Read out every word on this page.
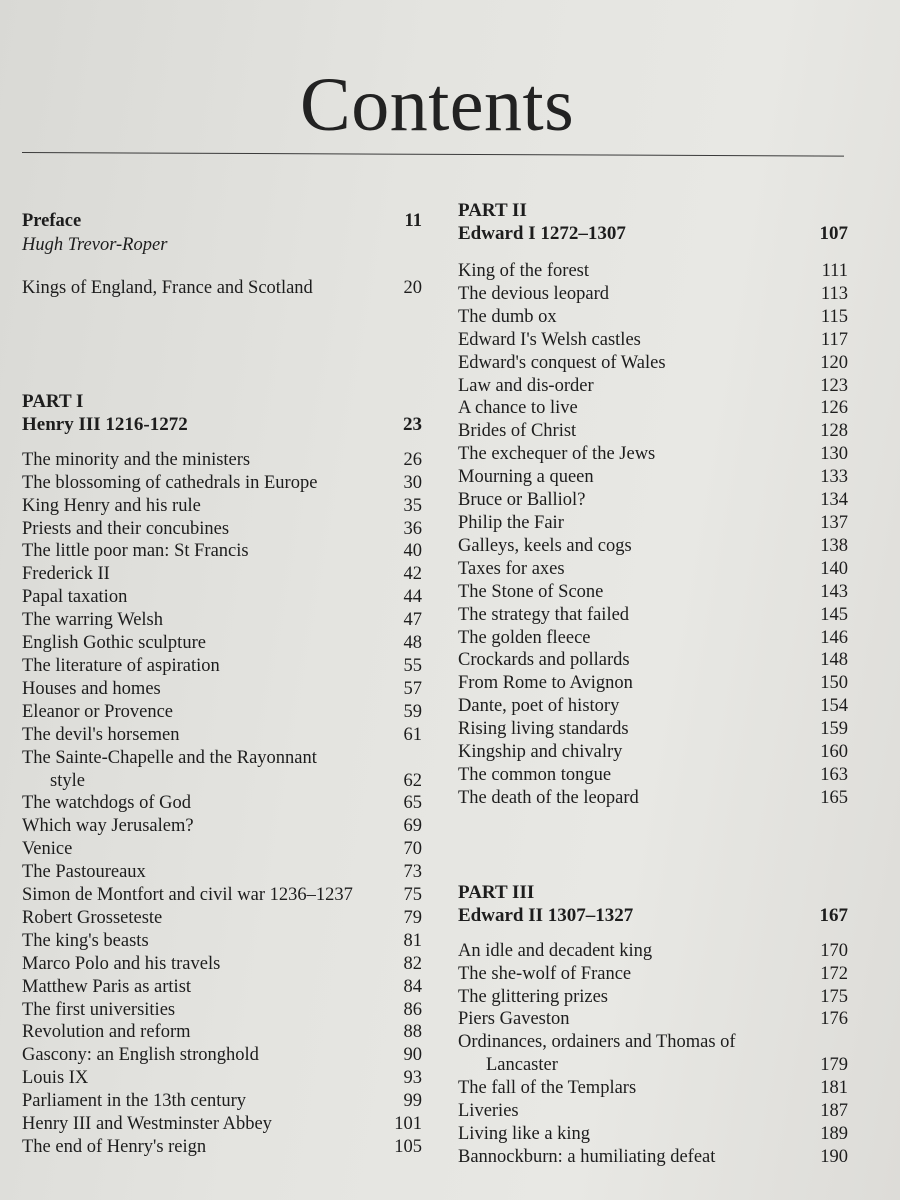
Contents
Preface	11
Hugh Trevor-Roper
Kings of England, France and Scotland	20
PART I
Henry III 1216-1272	23
The minority and the ministers	26
The blossoming of cathedrals in Europe	30
King Henry and his rule	35
Priests and their concubines	36
The little poor man: St Francis	40
Frederick II	42
Papal taxation	44
The warring Welsh	47
English Gothic sculpture	48
The literature of aspiration	55
Houses and homes	57
Eleanor or Provence	59
The devil's horsemen	61
The Sainte-Chapelle and the Rayonnant
style	62
The watchdogs of God	65
Which way Jerusalem?	69
Venice	70
The Pastoureaux	73
Simon de Montfort and civil war 1236–1237	75
Robert Grosseteste	79
The king's beasts	81
Marco Polo and his travels	82
Matthew Paris as artist	84
The first universities	86
Revolution and reform	88
Gascony: an English stronghold	90
Louis IX	93
Parliament in the 13th century	99
Henry III and Westminster Abbey	101
The end of Henry's reign	105
PART II
Edward I 1272–1307	107
King of the forest	111
The devious leopard	113
The dumb ox	115
Edward I's Welsh castles	117
Edward's conquest of Wales	120
Law and dis-order	123
A chance to live	126
Brides of Christ	128
The exchequer of the Jews	130
Mourning a queen	133
Bruce or Balliol?	134
Philip the Fair	137
Galleys, keels and cogs	138
Taxes for axes	140
The Stone of Scone	143
The strategy that failed	145
The golden fleece	146
Crockards and pollards	148
From Rome to Avignon	150
Dante, poet of history	154
Rising living standards	159
Kingship and chivalry	160
The common tongue	163
The death of the leopard	165
PART III
Edward II 1307–1327	167
An idle and decadent king	170
The she-wolf of France	172
The glittering prizes	175
Piers Gaveston	176
Ordinances, ordainers and Thomas of
Lancaster	179
The fall of the Templars	181
Liveries	187
Living like a king	189
Bannockburn: a humiliating defeat	190
